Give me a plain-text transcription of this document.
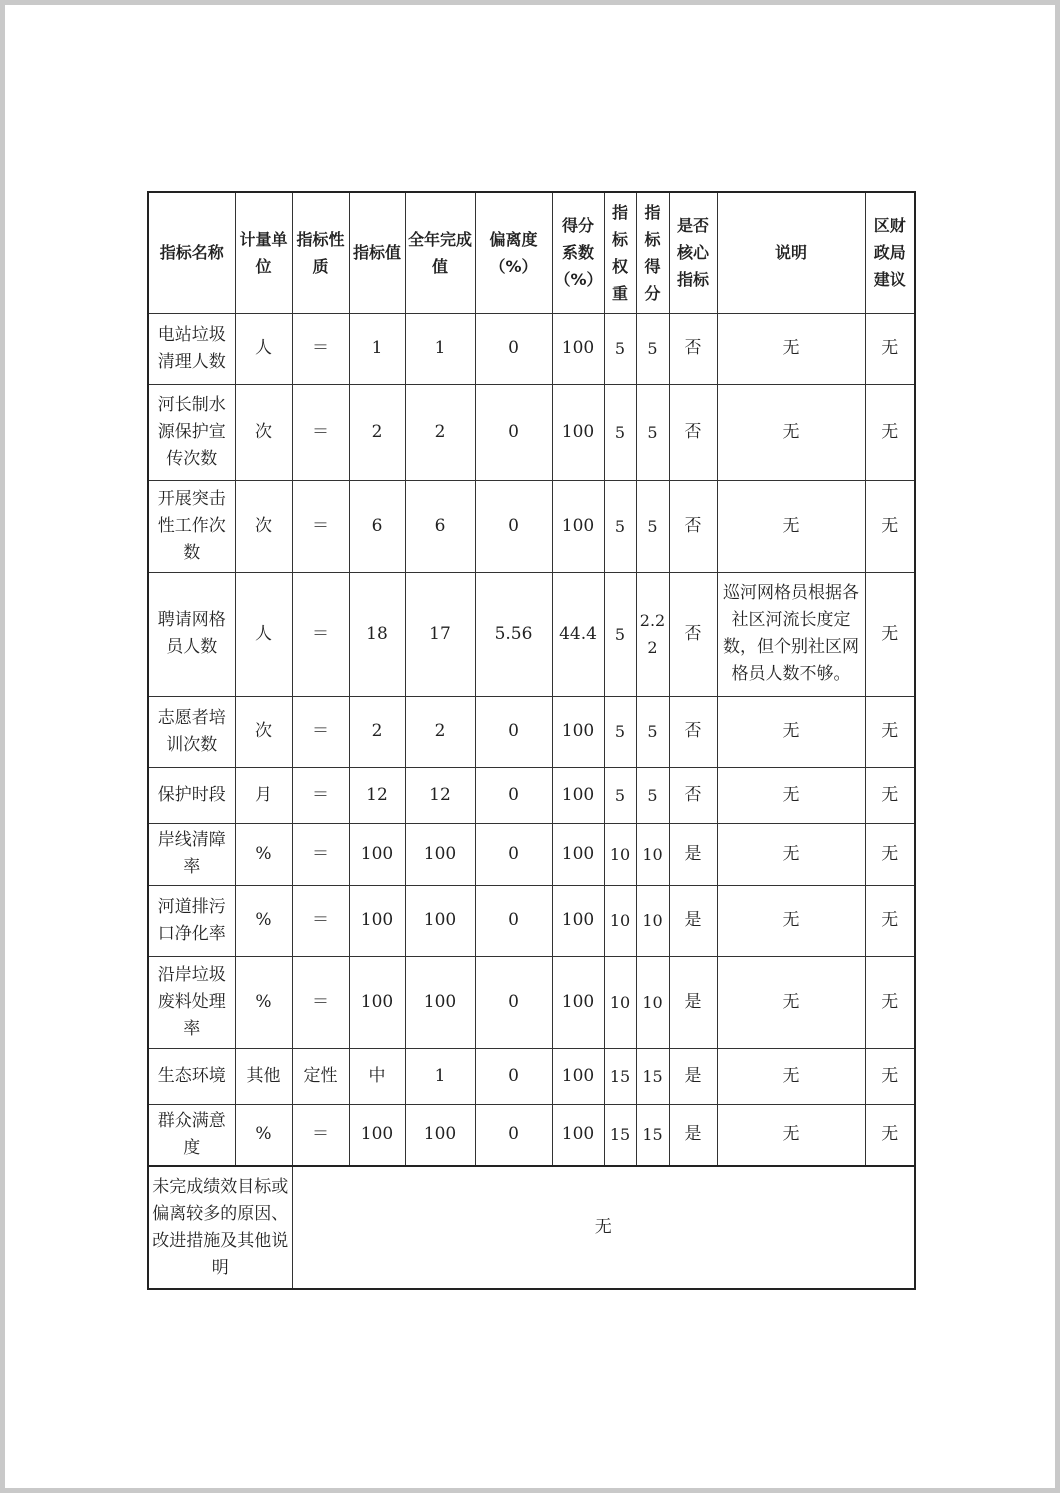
指标名称	计量单位	指标性质	指标值	全年完成值	偏离度（%）	得分系数（%）	指标权重	指标得分	是否核心指标	说明	区财政局建议
电站垃圾清理人数	人	＝	1	1	0	100	5	5	否	无	无
河长制水源保护宣传次数	次	＝	2	2	0	100	5	5	否	无	无
开展突击性工作次数	次	＝	6	6	0	100	5	5	否	无	无
聘请网格员人数	人	＝	18	17	5.56	44.4	5	2.22	否	巡河网格员根据各社区河流长度定数，但个别社区网格员人数不够。	无
志愿者培训次数	次	＝	2	2	0	100	5	5	否	无	无
保护时段	月	＝	12	12	0	100	5	5	否	无	无
岸线清障率	%	＝	100	100	0	100	10	10	是	无	无
河道排污口净化率	%	＝	100	100	0	100	10	10	是	无	无
沿岸垃圾废料处理率	%	＝	100	100	0	100	10	10	是	无	无
生态环境	其他	定性	中	1	0	100	15	15	是	无	无
群众满意度	%	＝	100	100	0	100	15	15	是	无	无
未完成绩效目标或偏离较多的原因、改进措施及其他说明		无									
